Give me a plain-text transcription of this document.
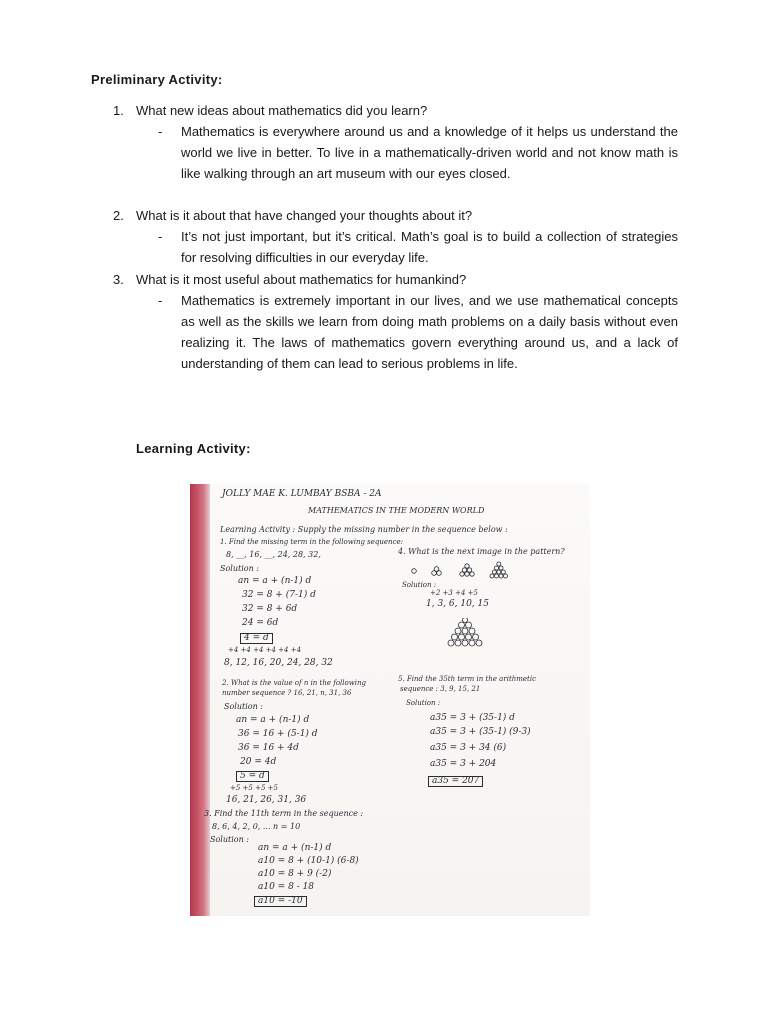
Preliminary Activity:
1. What new ideas about mathematics did you learn?
- Mathematics is everywhere around us and a knowledge of it helps us understand the world we live in better. To live in a mathematically-driven world and not know math is like walking through an art museum with our eyes closed.
2. What is it about that have changed your thoughts about it?
- It’s not just important, but it’s critical. Math’s goal is to build a collection of strategies for resolving difficulties in our everyday life.
3. What is it most useful about mathematics for humankind?
- Mathematics is extremely important in our lives, and we use mathematical concepts as well as the skills we learn from doing math problems on a daily basis without even realizing it. The laws of mathematics govern everything around us, and a lack of understanding of them can lead to serious problems in life.
Learning Activity:
JOLLY MAE K. LUMBAY BSBA - 2A
MATHEMATICS IN THE MODERN WORLD
Learning Activity : Supply the missing number in the sequence below :
1. Find the missing term in the following sequence:
8, __, 16, __, 24, 28, 32,
Solution :
an = a + (n-1) d
32 = 8 + (7-1) d
32 = 8 + 6d
24 = 6d
4 = d
+4 +4 +4 +4 +4 +4
8, 12, 16, 20, 24, 28, 32
2. What is the value of n in the following
number sequence ? 16, 21, n, 31, 36
Solution :
an = a + (n-1) d
36 = 16 + (5-1) d
36 = 16 + 4d
20 = 4d
5 = d
+5 +5 +5 +5
16, 21, 26, 31, 36
3. Find the 11th term in the sequence :
8, 6, 4, 2, 0, ... n = 10
Solution :
an = a + (n-1) d
a10 = 8 + (10-1) (6-8)
a10 = 8 + 9 (-2)
a10 = 8 - 18
a10 = -10
4. What is the next image in the pattern?
Solution :
+2 +3 +4 +5
1, 3, 6, 10, 15
5. Find the 35th term in the arithmetic
sequence : 3, 9, 15, 21
Solution :
a35 = 3 + (35-1) d
a35 = 3 + (35-1) (9-3)
a35 = 3 + 34 (6)
a35 = 3 + 204
a35 = 207
